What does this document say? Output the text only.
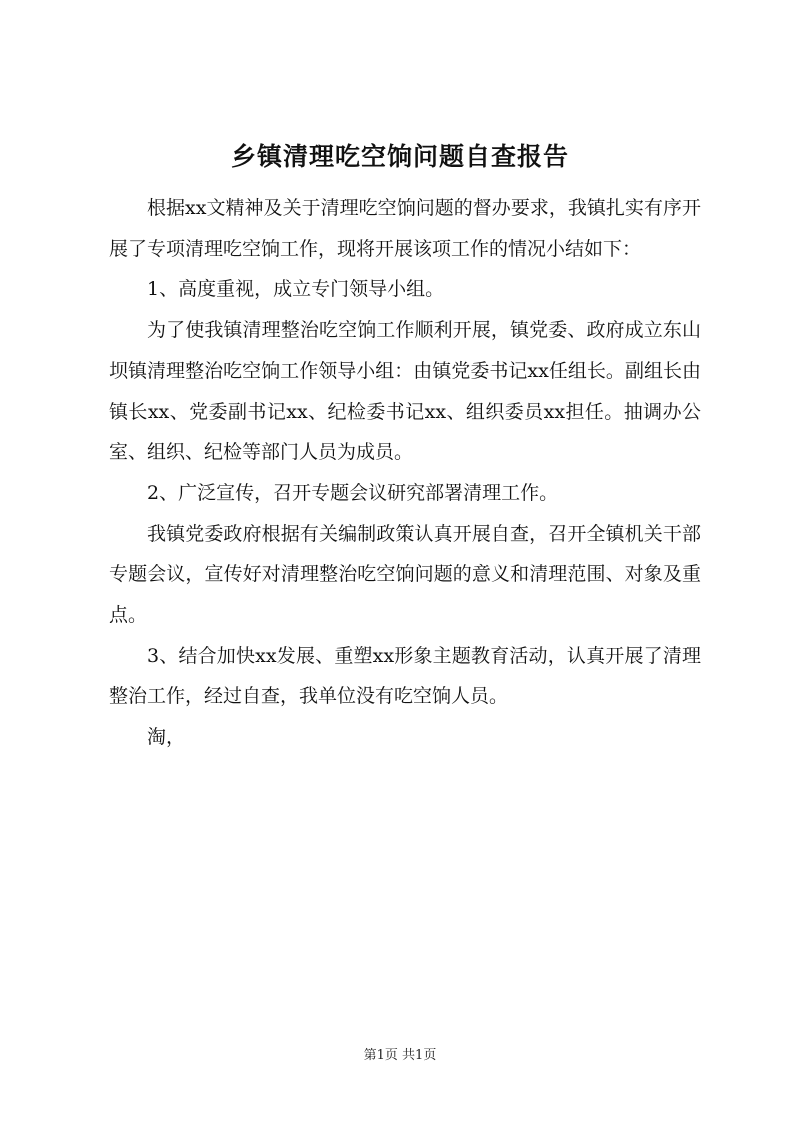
乡镇清理吃空饷问题自查报告

根据xx文精神及关于清理吃空饷问题的督办要求，我镇扎实有序开展了专项清理吃空饷工作，现将开展该项工作的情况小结如下：

1、高度重视，成立专门领导小组。

为了使我镇清理整治吃空饷工作顺利开展，镇党委、政府成立东山坝镇清理整治吃空饷工作领导小组：由镇党委书记xx任组长。副组长由镇长xx、党委副书记xx、纪检委书记xx、组织委员xx担任。抽调办公室、组织、纪检等部门人员为成员。

2、广泛宣传，召开专题会议研究部署清理工作。

我镇党委政府根据有关编制政策认真开展自查，召开全镇机关干部专题会议，宣传好对清理整治吃空饷问题的意义和清理范围、对象及重点。

3、结合加快xx发展、重塑xx形象主题教育活动，认真开展了清理整治工作，经过自查，我单位没有吃空饷人员。

淘，

第1页 共1页
